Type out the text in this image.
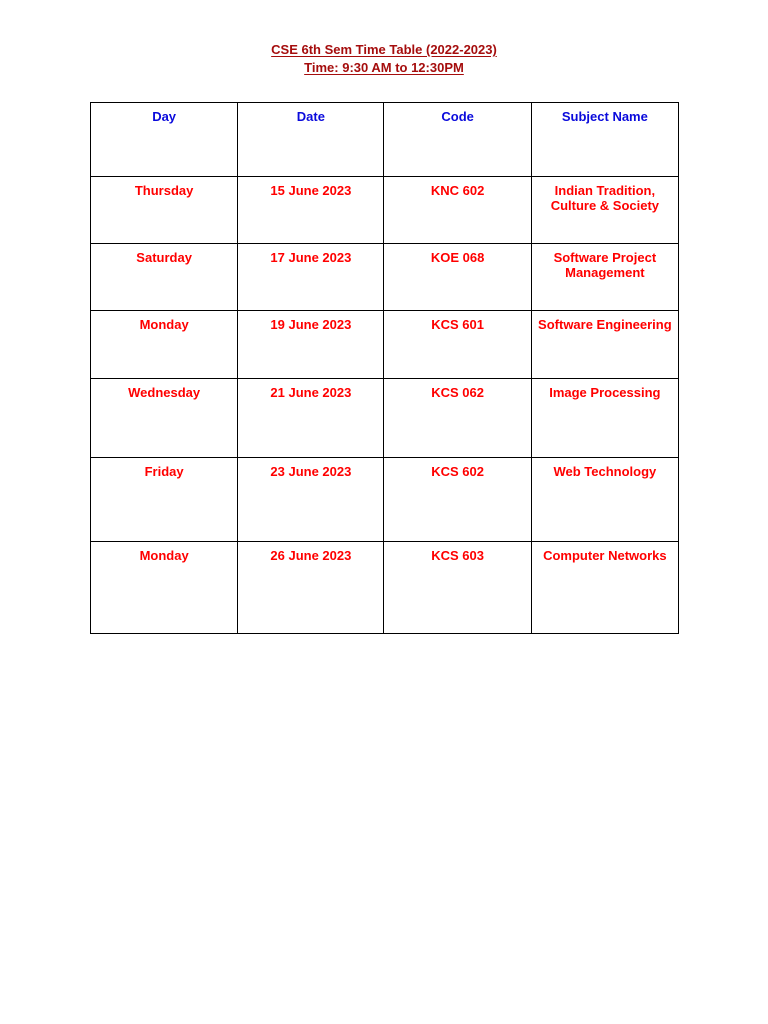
CSE 6th Sem Time Table (2022-2023)
Time: 9:30 AM to 12:30PM
Day	Date	Code	Subject Name
Thursday	15 June 2023	KNC 602	Indian Tradition, Culture & Society
Saturday	17 June 2023	KOE 068	Software Project Management
Monday	19 June 2023	KCS 601	Software Engineering
Wednesday	21 June 2023	KCS 062	Image Processing
Friday	23 June 2023	KCS 602	Web Technology
Monday	26 June 2023	KCS 603	Computer Networks
